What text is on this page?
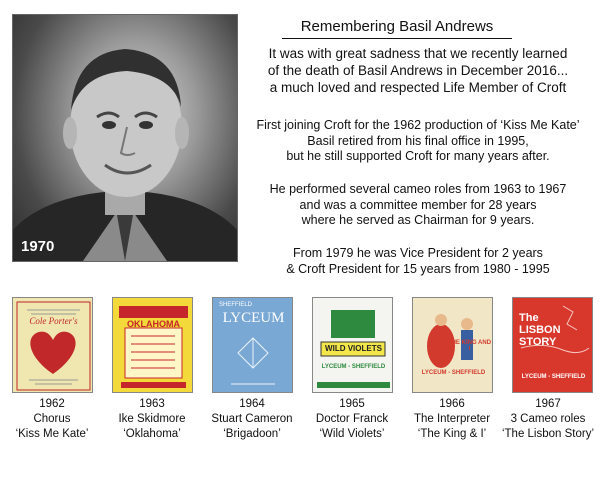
1970
Remembering Basil Andrews
It was with great sadness that we recently learned
of the death of Basil Andrews in December 2016...
a much loved and respected Life Member of Croft
First joining Croft for the 1962 production of ‘Kiss Me Kate’
Basil retired from his final office in 1995,
but he still supported Croft for many years after.
He performed several cameo roles from 1963 to 1967
and was a committee member for 28 years
where he served as Chairman for 9 years.
From 1979 he was Vice President for 2 years
& Croft President for 15 years from 1980 - 1995
Cole Porter's	OKLAHOMA
SHEFFIELD
LYCEUM
WILD VIOLETS
LYCEUM - SHEFFIELD
THE KING AND I
LYCEUM - SHEFFIELD
The LISBON STORY
LYCEUM - SHEFFIELD
1962
Chorus
‘Kiss Me Kate’
1963
Ike Skidmore
‘Oklahoma’
1964
Stuart Cameron
‘Brigadoon’
1965
Doctor Franck
‘Wild Violets’
1966
The Interpreter
‘The King & I’
1967
3 Cameo roles
‘The Lisbon Story’
